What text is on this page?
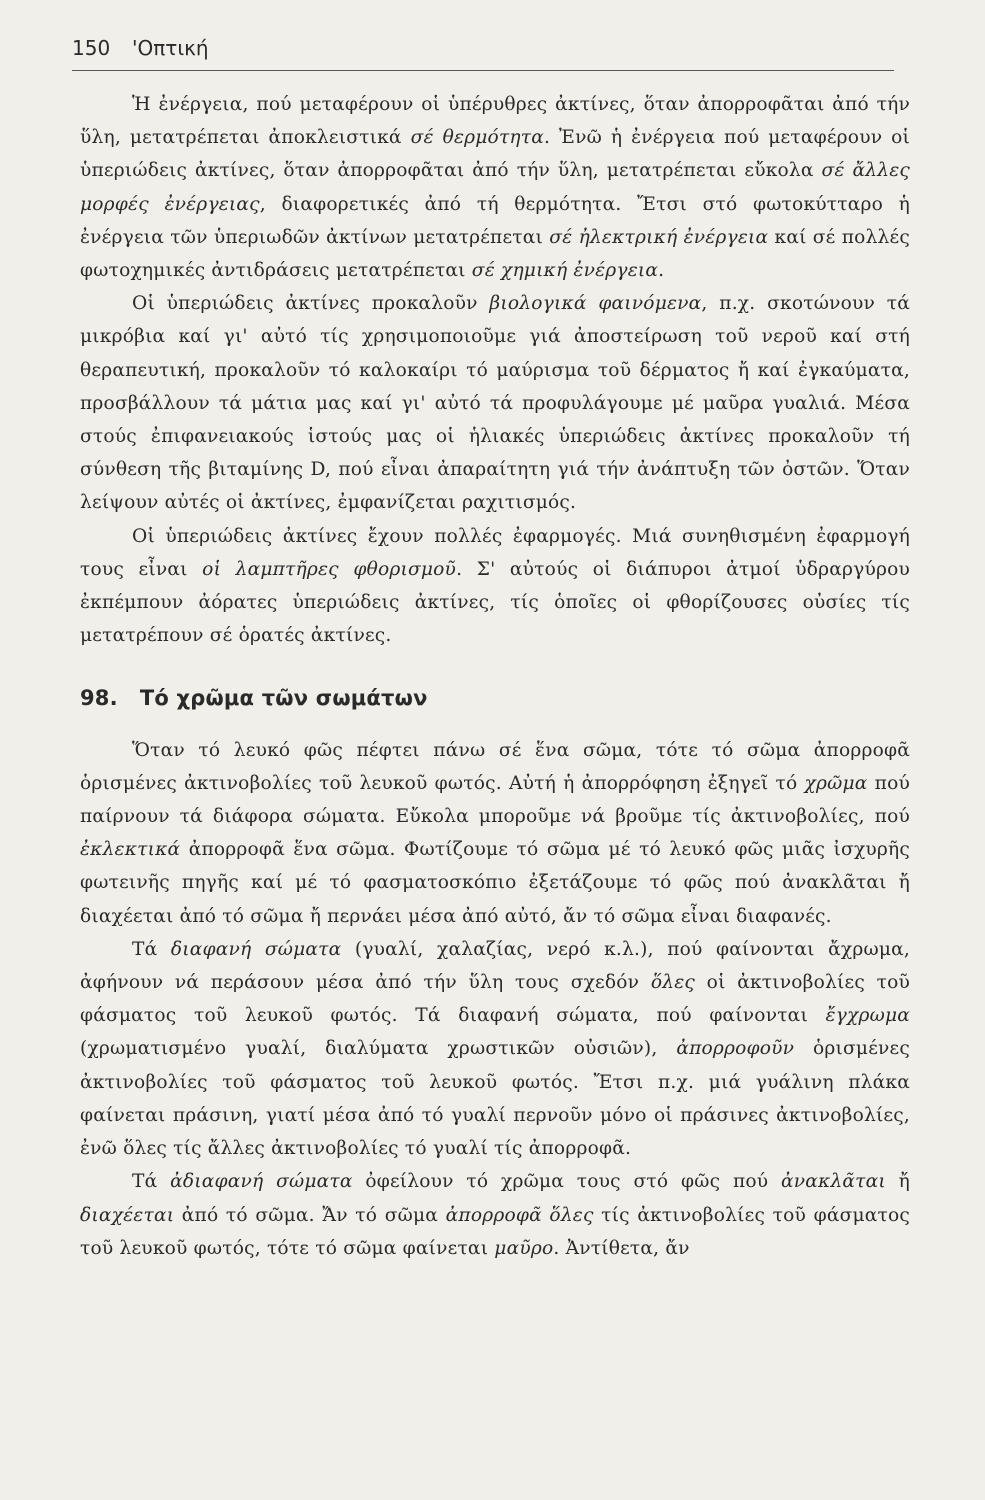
150 'Οπτική

Ἡ ἐνέργεια, πού μεταφέρουν οἱ ὑπέρυθρες ἀκτίνες, ὅταν ἀπορροφᾶται ἀπό τήν ὕλη, μετατρέπεται ἀποκλειστικά σέ θερμότητα. Ἐνῶ ἡ ἐνέργεια πού μεταφέρουν οἱ ὑπεριώδεις ἀκτίνες, ὅταν ἀπορροφᾶται ἀπό τήν ὕλη, μετατρέπεται εὔκολα σέ ἄλλες μορφές ἐνέργειας, διαφορετικές ἀπό τή θερμότητα. Ἔτσι στό φωτοκύτταρο ἡ ἐνέργεια τῶν ὑπεριωδῶν ἀκτίνων μετατρέπεται σέ ἠλεκτρική ἐνέργεια καί σέ πολλές φωτοχημικές ἀντιδράσεις μετατρέπεται σέ χημική ἐνέργεια.

Οἱ ὑπεριώδεις ἀκτίνες προκαλοῦν βιολογικά φαινόμενα, π.χ. σκοτώνουν τά μικρόβια καί γι' αὐτό τίς χρησιμοποιοῦμε γιά ἀποστείρωση τοῦ νεροῦ καί στή θεραπευτική, προκαλοῦν τό καλοκαίρι τό μαύρισμα τοῦ δέρματος ἤ καί ἐγκαύματα, προσβάλλουν τά μάτια μας καί γι' αὐτό τά προφυλάγουμε μέ μαῦρα γυαλιά. Μέσα στούς ἐπιφανειακούς ἱστούς μας οἱ ἡλιακές ὑπεριώδεις ἀκτίνες προκαλοῦν τή σύνθεση τῆς βιταμίνης D, πού εἶναι ἀπαραίτητη γιά τήν ἀνάπτυξη τῶν ὀστῶν. Ὅταν λείψουν αὐτές οἱ ἀκτίνες, ἐμφανίζεται ραχιτισμός.

Οἱ ὑπεριώδεις ἀκτίνες ἔχουν πολλές ἐφαρμογές. Μιά συνηθισμένη ἐφαρμογή τους εἶναι οἱ λαμπτῆρες φθορισμοῦ. Σ' αὐτούς οἱ διάπυροι ἀτμοί ὑδραργύρου ἐκπέμπουν ἀόρατες ὑπεριώδεις ἀκτίνες, τίς ὁποῖες οἱ φθορίζουσες οὐσίες τίς μετατρέπουν σέ ὁρατές ἀκτίνες.

98. Τό χρῶμα τῶν σωμάτων

Ὅταν τό λευκό φῶς πέφτει πάνω σέ ἕνα σῶμα, τότε τό σῶμα ἀπορροφᾶ ὁρισμένες ἀκτινοβολίες τοῦ λευκοῦ φωτός. Αὐτή ἡ ἀπορρόφηση ἐξηγεῖ τό χρῶμα πού παίρνουν τά διάφορα σώματα. Εὔκολα μποροῦμε νά βροῦμε τίς ἀκτινοβολίες, πού ἐκλεκτικά ἀπορροφᾶ ἕνα σῶμα. Φωτίζουμε τό σῶμα μέ τό λευκό φῶς μιᾶς ἰσχυρῆς φωτεινῆς πηγῆς καί μέ τό φασματοσκόπιο ἐξετάζουμε τό φῶς πού ἀνακλᾶται ἤ διαχέεται ἀπό τό σῶμα ἤ περνάει μέσα ἀπό αὐτό, ἄν τό σῶμα εἶναι διαφανές.

Τά διαφανή σώματα (γυαλί, χαλαζίας, νερό κ.λ.), πού φαίνονται ἄχρωμα, ἀφήνουν νά περάσουν μέσα ἀπό τήν ὕλη τους σχεδόν ὅλες οἱ ἀκτινοβολίες τοῦ φάσματος τοῦ λευκοῦ φωτός. Τά διαφανή σώματα, πού φαίνονται ἔγχρωμα (χρωματισμένο γυαλί, διαλύματα χρωστικῶν οὐσιῶν), ἀπορροφοῦν ὁρισμένες ἀκτινοβολίες τοῦ φάσματος τοῦ λευκοῦ φωτός. Ἔτσι π.χ. μιά γυάλινη πλάκα φαίνεται πράσινη, γιατί μέσα ἀπό τό γυαλί περνοῦν μόνο οἱ πράσινες ἀκτινοβολίες, ἐνῶ ὅλες τίς ἄλλες ἀκτινοβολίες τό γυαλί τίς ἀπορροφᾶ.

Τά ἀδιαφανή σώματα ὀφείλουν τό χρῶμα τους στό φῶς πού ἀνακλᾶται ἤ διαχέεται ἀπό τό σῶμα. Ἄν τό σῶμα ἀπορροφᾶ ὅλες τίς ἀκτινοβολίες τοῦ φάσματος τοῦ λευκοῦ φωτός, τότε τό σῶμα φαίνεται μαῦρο. Ἀντίθετα, ἄν
